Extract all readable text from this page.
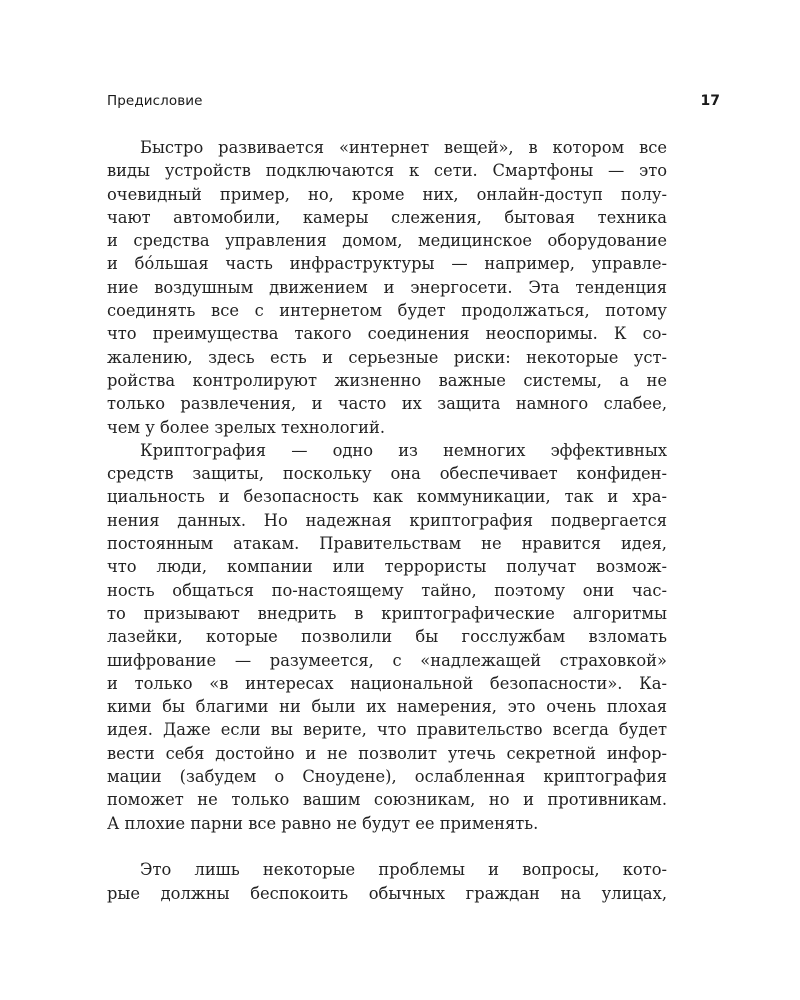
Предисловие	17
Быстро развивается «интернет вещей», в котором все
виды устройств подключаются к сети. Смартфоны — это
очевидный пример, но, кроме них, онлайн-доступ полу-
чают автомобили, камеры слежения, бытовая техника
и средства управления домом, медицинское оборудование
и бóльшая часть инфраструктуры — например, управле-
ние воздушным движением и энергосети. Эта тенденция
соединять все с интернетом будет продолжаться, потому
что преимущества такого соединения неоспоримы. К со-
жалению, здесь есть и серьезные риски: некоторые уст-
ройства контролируют жизненно важные системы, а не
только развлечения, и часто их защита намного слабее,
чем у более зрелых технологий.
Криптография — одно из немногих эффективных
средств защиты, поскольку она обеспечивает конфиден-
циальность и безопасность как коммуникации, так и хра-
нения данных. Но надежная криптография подвергается
постоянным атакам. Правительствам не нравится идея,
что люди, компании или террористы получат возмож-
ность общаться по-настоящему тайно, поэтому они час-
то призывают внедрить в криптографические алгоритмы
лазейки, которые позволили бы госслужбам взломать
шифрование — разумеется, с «надлежащей страховкой»
и только «в интересах национальной безопасности». Ка-
кими бы благими ни были их намерения, это очень плохая
идея. Даже если вы верите, что правительство всегда будет
вести себя достойно и не позволит утечь секретной инфор-
мации (забудем о Сноудене), ослабленная криптография
поможет не только вашим союзникам, но и противникам.
А плохие парни все равно не будут ее применять.
Это лишь некоторые проблемы и вопросы, кото-
рые должны беспокоить обычных граждан на улицах,
